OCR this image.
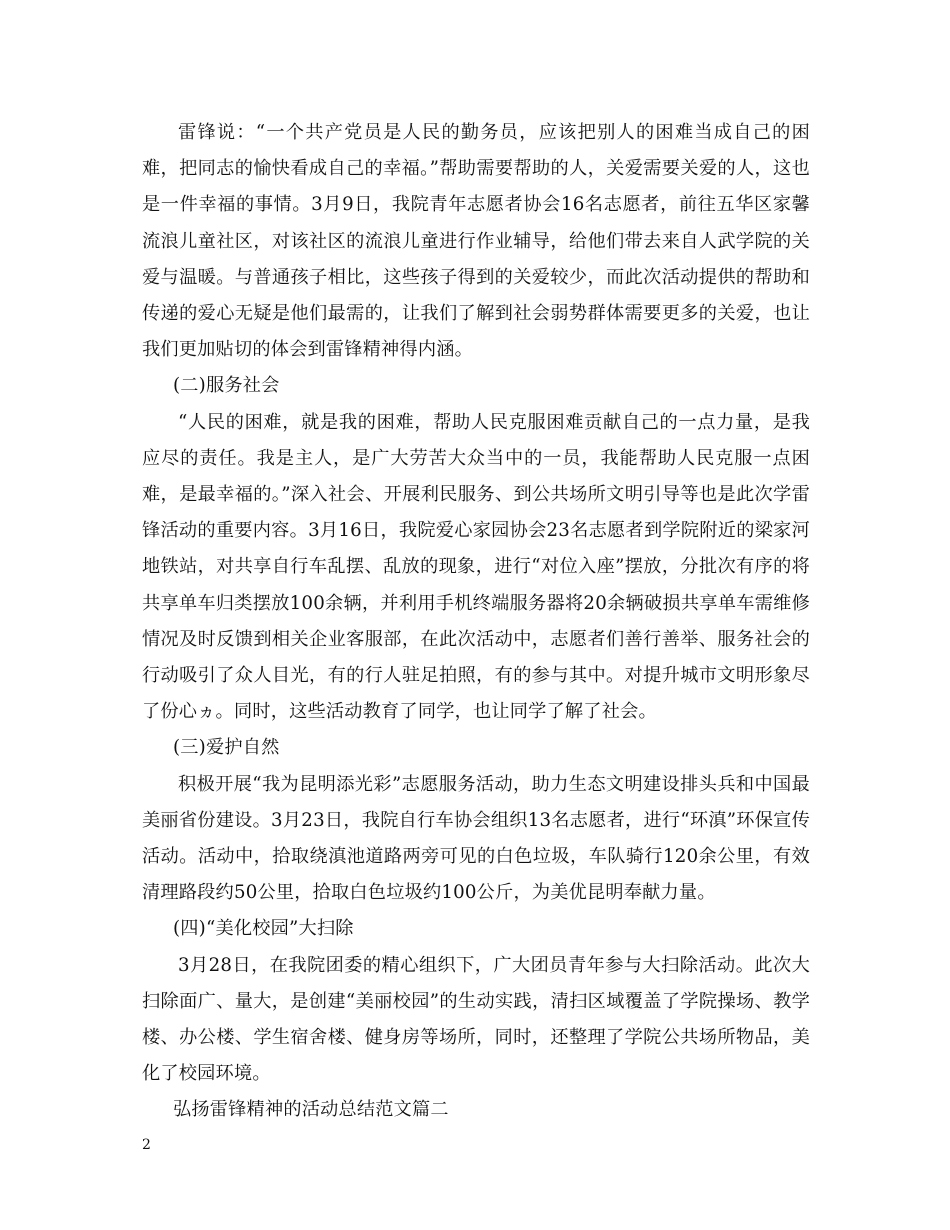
雷锋说：“一个共产党员是人民的勤务员，应该把别人的困难当成自己的困难，把同志的愉快看成自己的幸福。”帮助需要帮助的人，关爱需要关爱的人，这也是一件幸福的事情。3月9日，我院青年志愿者协会16名志愿者，前往五华区家馨流浪儿童社区，对该社区的流浪儿童进行作业辅导，给他们带去来自人武学院的关爱与温暖。与普通孩子相比，这些孩子得到的关爱较少，而此次活动提供的帮助和传递的爱心无疑是他们最需的，让我们了解到社会弱势群体需要更多的关爱，也让我们更加贴切的体会到雷锋精神得内涵。

(二)服务社会

“人民的困难，就是我的困难，帮助人民克服困难贡献自己的一点力量，是我应尽的责任。我是主人，是广大劳苦大众当中的一员，我能帮助人民克服一点困难，是最幸福的。”深入社会、开展利民服务、到公共场所文明引导等也是此次学雷锋活动的重要内容。3月16日，我院爱心家园协会23名志愿者到学院附近的梁家河地铁站，对共享自行车乱摆、乱放的现象，进行“对位入座”摆放，分批次有序的将共享单车归类摆放100余辆，并利用手机终端服务器将20余辆破损共享单车需维修情况及时反馈到相关企业客服部，在此次活动中，志愿者们善行善举、服务社会的行动吸引了众人目光，有的行人驻足拍照，有的参与其中。对提升城市文明形象尽了份心ヵ。同时，这些活动教育了同学，也让同学了解了社会。

(三)爱护自然

积极开展“我为昆明添光彩”志愿服务活动，助力生态文明建设排头兵和中国最美丽省份建设。3月23日，我院自行车协会组织13名志愿者，进行“环滇”环保宣传活动。活动中，拾取绕滇池道路两旁可见的白色垃圾，车队骑行120余公里，有效清理路段约50公里，拾取白色垃圾约100公斤，为美优昆明奉献力量。

(四)“美化校园”大扫除

3月28日，在我院团委的精心组织下，广大团员青年参与大扫除活动。此次大扫除面广、量大，是创建“美丽校园”的生动实践，清扫区域覆盖了学院操场、教学楼、办公楼、学生宿舍楼、健身房等场所，同时，还整理了学院公共场所物品，美化了校园环境。

弘扬雷锋精神的活动总结范文篇二

2
